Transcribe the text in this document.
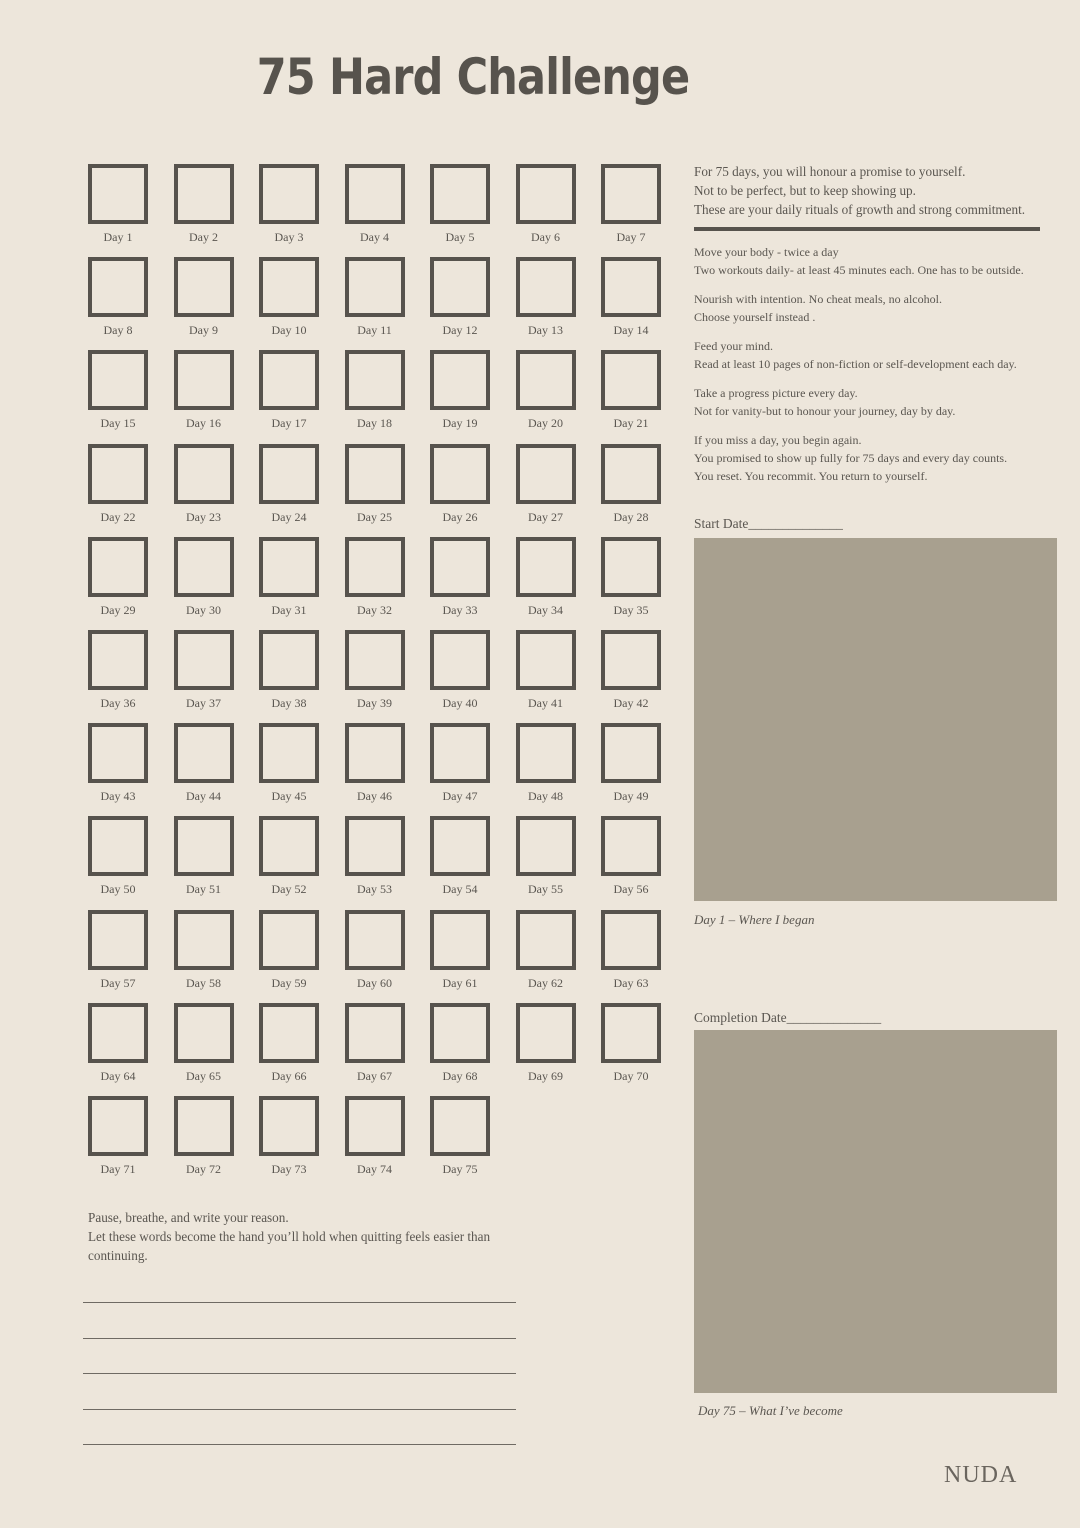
75 Hard Challenge
Day 1	Day 2	Day 3	Day 4	Day 5	Day 6	Day 7
Day 8	Day 9	Day 10	Day 11	Day 12	Day 13	Day 14
Day 15	Day 16	Day 17	Day 18	Day 19	Day 20	Day 21
Day 22	Day 23	Day 24	Day 25	Day 26	Day 27	Day 28
Day 29	Day 30	Day 31	Day 32	Day 33	Day 34	Day 35
Day 36	Day 37	Day 38	Day 39	Day 40	Day 41	Day 42
Day 43	Day 44	Day 45	Day 46	Day 47	Day 48	Day 49
Day 50	Day 51	Day 52	Day 53	Day 54	Day 55	Day 56
Day 57	Day 58	Day 59	Day 60	Day 61	Day 62	Day 63
Day 64	Day 65	Day 66	Day 67	Day 68	Day 69	Day 70
Day 71	Day 72	Day 73	Day 74	Day 75

For 75 days, you will honour a promise to yourself.

Not to be perfect, but to keep showing up.

These are your daily rituals of growth and strong commitment.

Move your body - twice a day

Two workouts daily- at least 45 minutes each. One has to be outside.

Nourish with intention. No cheat meals, no alcohol.

Choose yourself instead .

Feed your mind.

Read at least 10 pages of non-fiction or self-development each day.

Take a progress picture every day.

Not for vanity-but to honour your journey, day by day.

If you miss a day, you begin again.

You promised to show up fully for 75 days and every day counts.

You reset. You recommit. You return to yourself.

Start Date______________
Day 1 – Where I began
Completion Date______________
Day 75 – What I’ve become

Pause, breathe, and write your reason.

Let these words become the hand you’ll hold when quitting feels easier than continuing.

NUDA
